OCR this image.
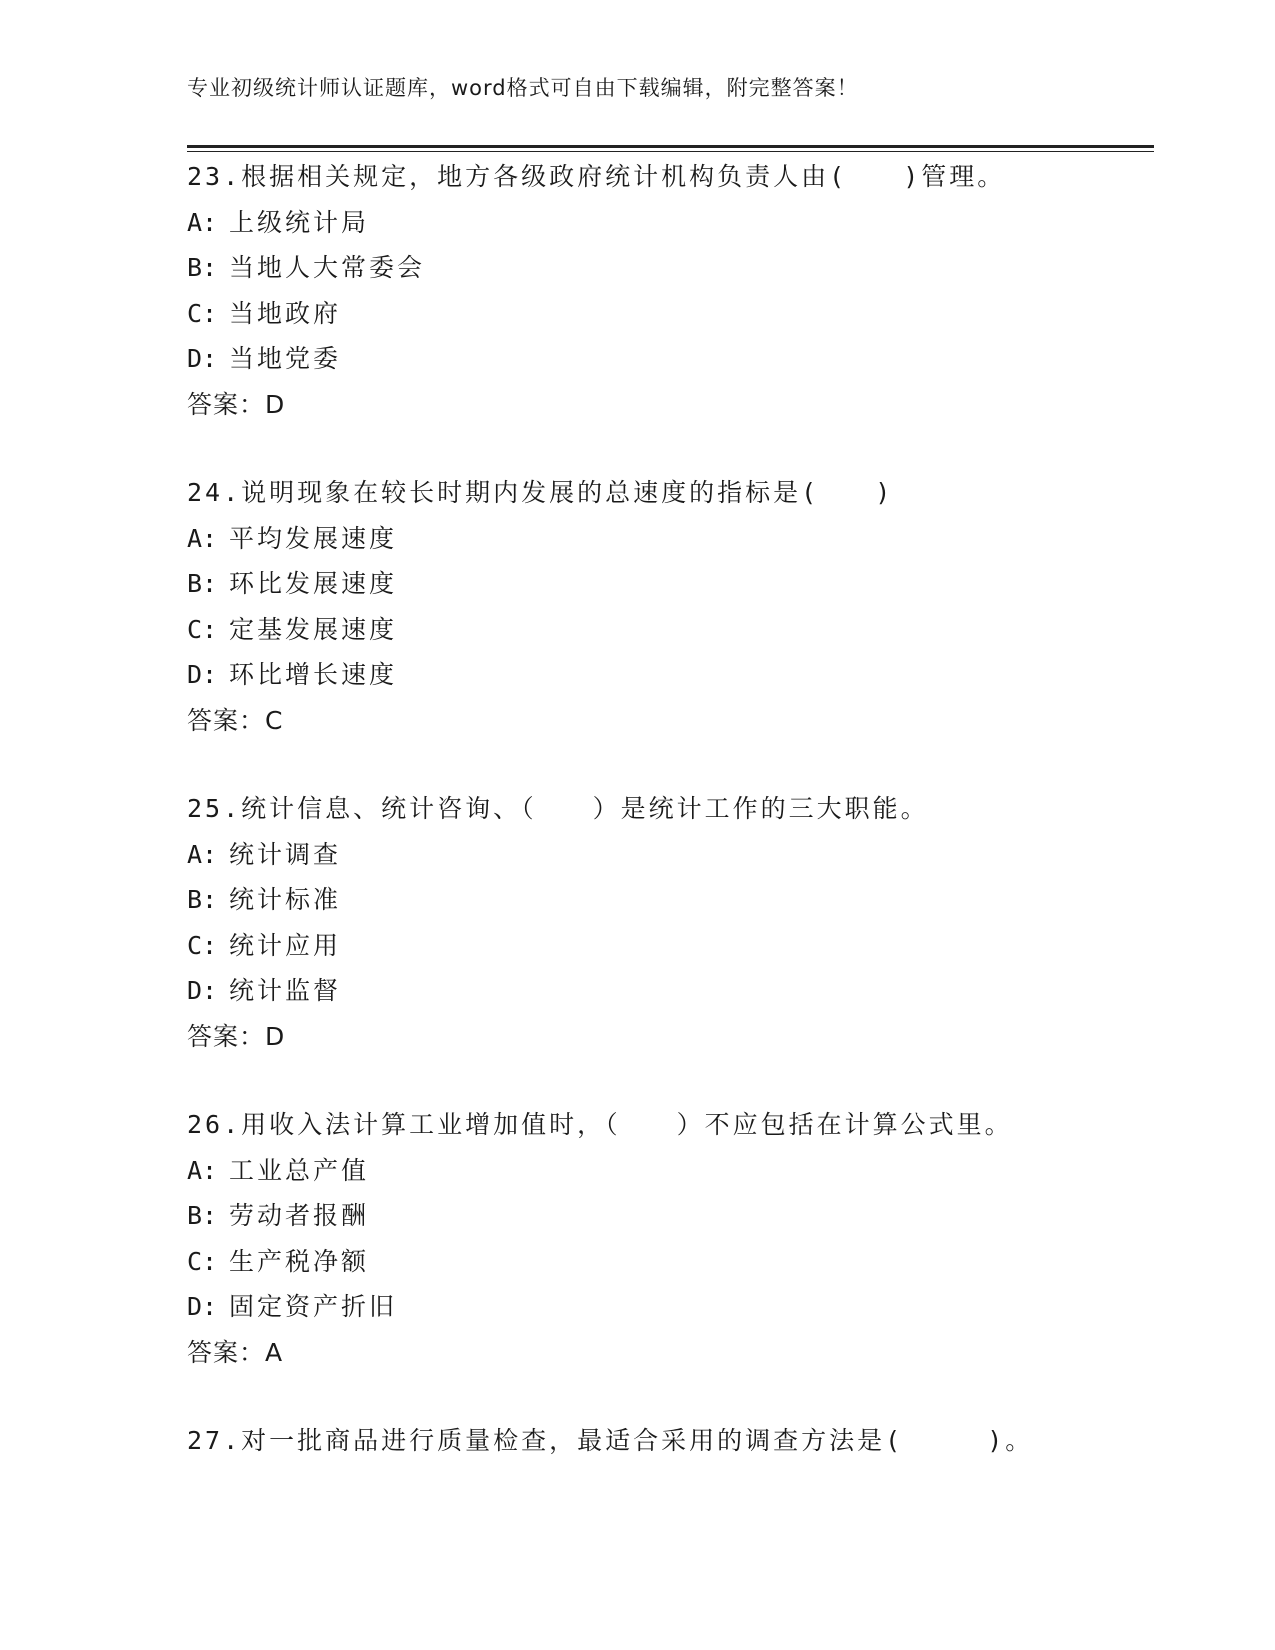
专业初级统计师认证题库，word格式可自由下载编辑，附完整答案！
23.根据相关规定，地方各级政府统计机构负责人由(　　)管理。
A: 上级统计局
B: 当地人大常委会
C: 当地政府
D: 当地党委
答案：D
24.说明现象在较长时期内发展的总速度的指标是(　　)
A: 平均发展速度
B: 环比发展速度
C: 定基发展速度
D: 环比增长速度
答案：C
25.统计信息、统计咨询、（　　）是统计工作的三大职能。
A: 统计调查
B: 统计标准
C: 统计应用
D: 统计监督
答案：D
26.用收入法计算工业增加值时，（　　）不应包括在计算公式里。
A: 工业总产值
B: 劳动者报酬
C: 生产税净额
D: 固定资产折旧
答案：A
27.对一批商品进行质量检查，最适合采用的调查方法是(　　　)。
